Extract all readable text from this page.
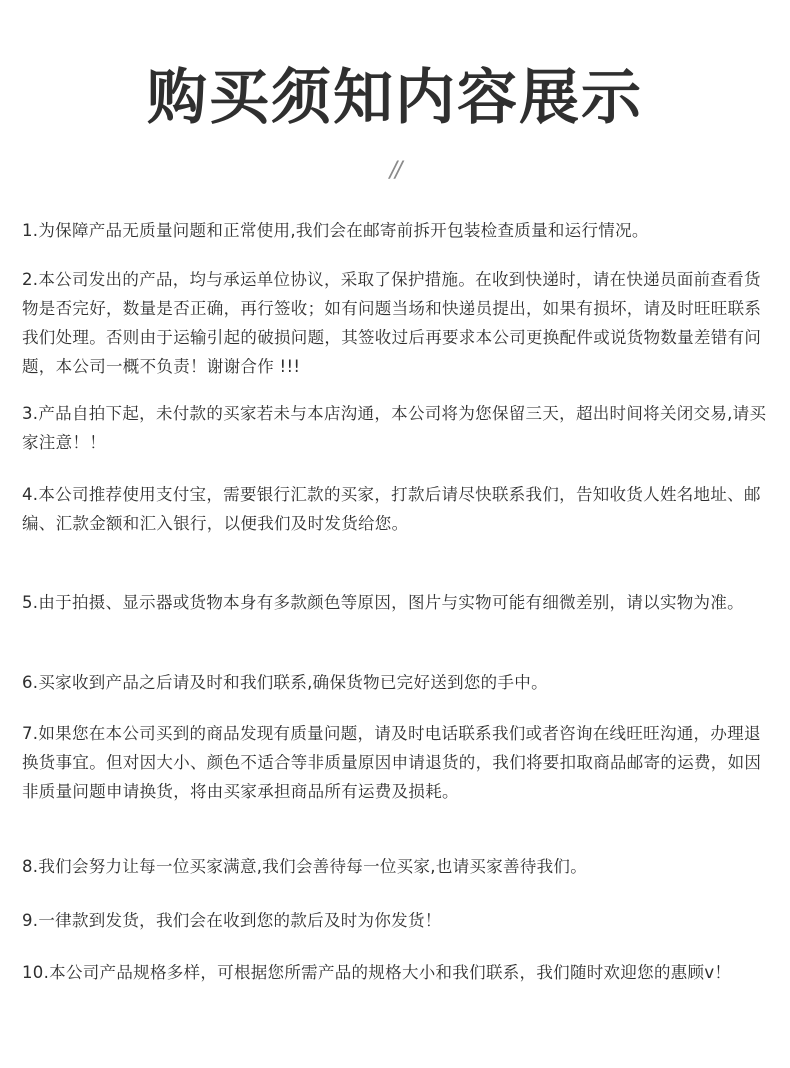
购买须知内容展示
//

1.为保障产品无质量问题和正常使用,我们会在邮寄前拆开包装检查质量和运行情况。

2.本公司发出的产品，均与承运单位协议，采取了保护措施。在收到快递时，请在快递员面前查看货物是否完好，数量是否正确，再行签收；如有问题当场和快递员提出，如果有损坏，请及时旺旺联系我们处理。否则由于运输引起的破损问题，其签收过后再要求本公司更换配件或说货物数量差错有问题，本公司一概不负责！谢谢合作 !!!

3.产品自拍下起，未付款的买家若未与本店沟通，本公司将为您保留三天，超出时间将关闭交易,请买家注意！！

4.本公司推荐使用支付宝，需要银行汇款的买家，打款后请尽快联系我们，告知收货人姓名地址、邮编、汇款金额和汇入银行，以便我们及时发货给您。

5.由于拍摄、显示器或货物本身有多款颜色等原因，图片与实物可能有细微差别，请以实物为准。

6.买家收到产品之后请及时和我们联系,确保货物已完好送到您的手中。

7.如果您在本公司买到的商品发现有质量问题，请及时电话联系我们或者咨询在线旺旺沟通，办理退换货事宜。但对因大小、颜色不适合等非质量原因申请退货的，我们将要扣取商品邮寄的运费，如因非质量问题申请换货，将由买家承担商品所有运费及损耗。

8.我们会努力让每一位买家满意,我们会善待每一位买家,也请买家善待我们。

9.一律款到发货，我们会在收到您的款后及时为你发货！

10.本公司产品规格多样，可根据您所需产品的规格大小和我们联系，我们随时欢迎您的惠顾v！
